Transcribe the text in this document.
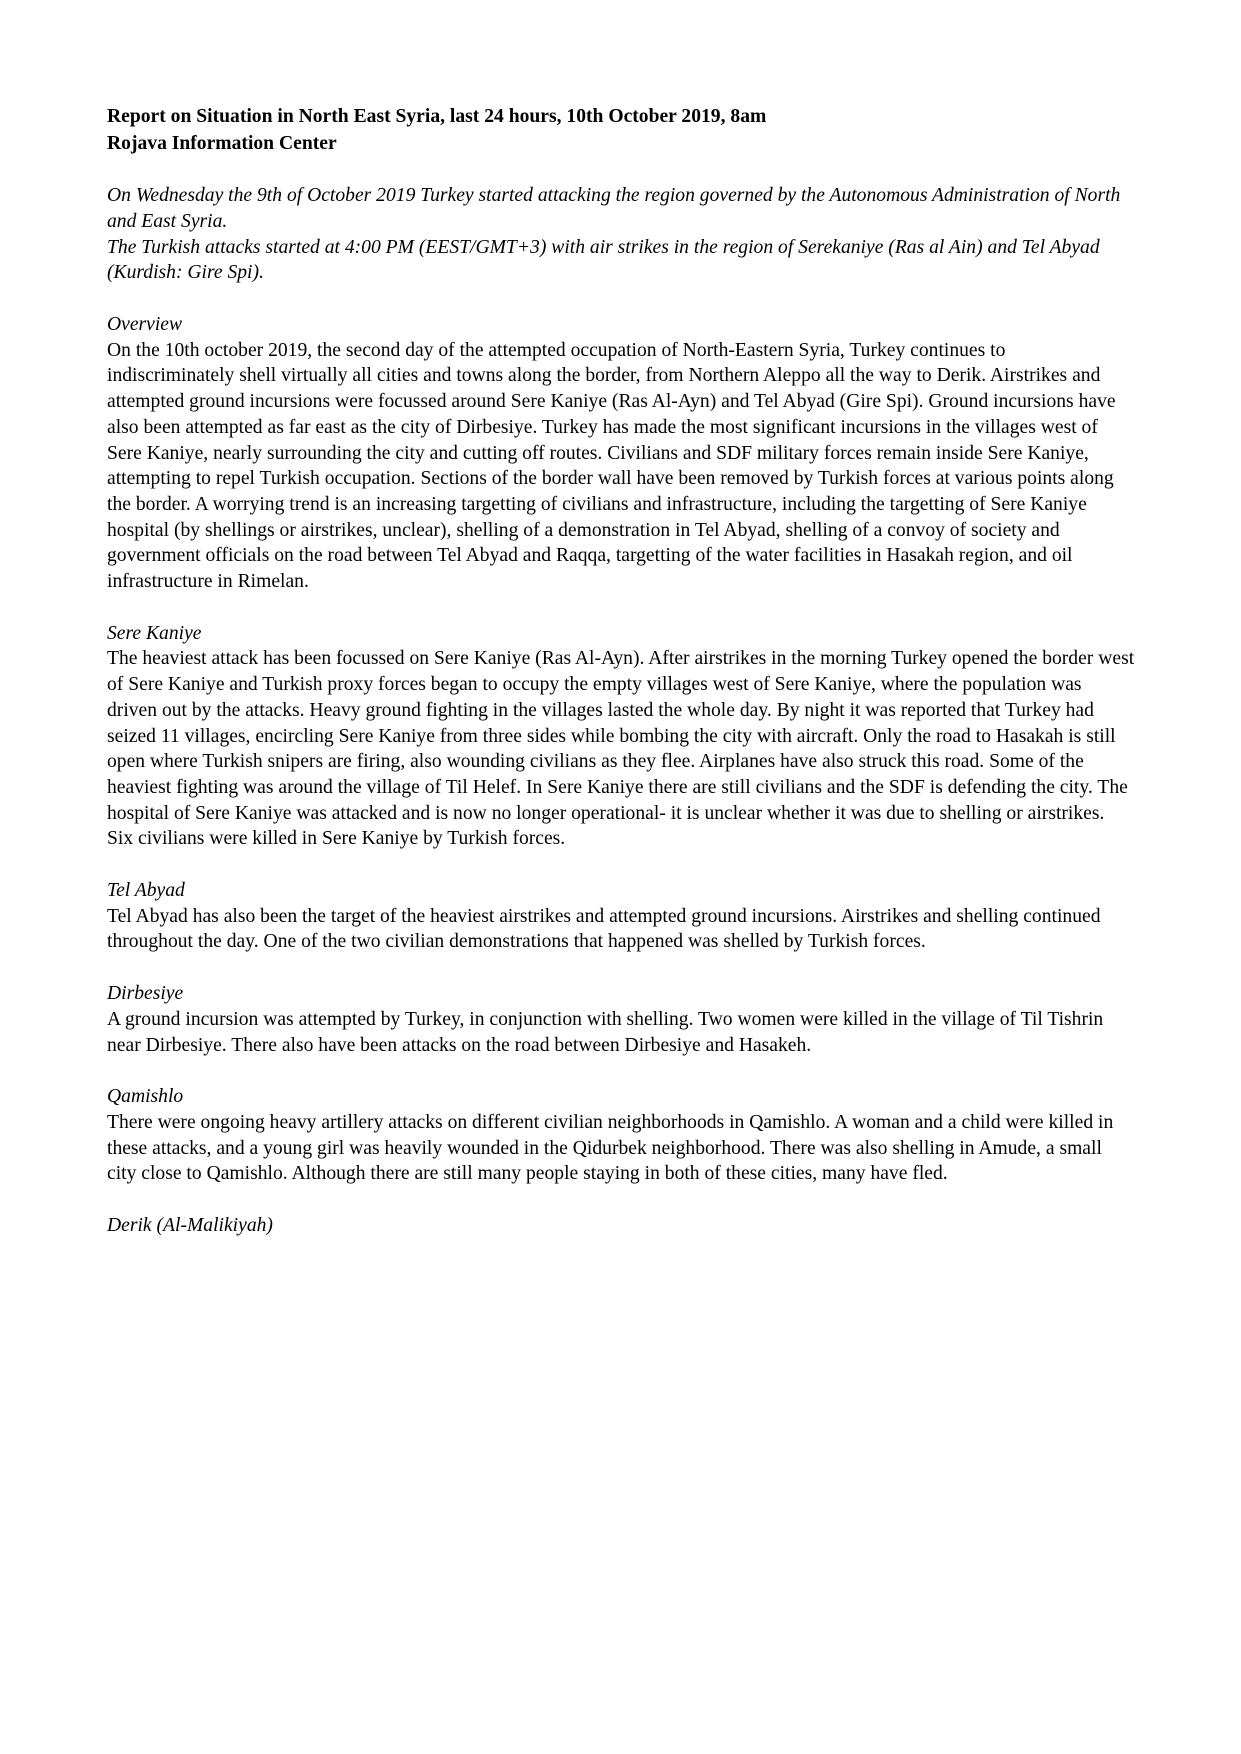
Report on Situation in North East Syria, last 24 hours, 10th October 2019, 8am
Rojava Information Center

On Wednesday the 9th of October 2019 Turkey started attacking the region governed by the Autonomous Administration of North and East Syria.

The Turkish attacks started at 4:00 PM (EEST/GMT+3) with air strikes in the region of Serekaniye (Ras al Ain) and Tel Abyad (Kurdish: Gire Spi).

Overview

On the 10th october 2019, the second day of the attempted occupation of North-Eastern Syria, Turkey continues to indiscriminately shell virtually all cities and towns along the border, from Northern Aleppo all the way to Derik. Airstrikes and attempted ground incursions were focussed around Sere Kaniye (Ras Al-Ayn) and Tel Abyad (Gire Spi). Ground incursions have also been attempted as far east as the city of Dirbesiye. Turkey has made the most significant incursions in the villages west of Sere Kaniye, nearly surrounding the city and cutting off routes. Civilians and SDF military forces remain inside Sere Kaniye, attempting to repel Turkish occupation. Sections of the border wall have been removed by Turkish forces at various points along the border. A worrying trend is an increasing targetting of civilians and infrastructure, including the targetting of Sere Kaniye hospital (by shellings or airstrikes, unclear), shelling of a demonstration in Tel Abyad, shelling of a convoy of society and government officials on the road between Tel Abyad and Raqqa, targetting of the water facilities in Hasakah region, and oil infrastructure in Rimelan.

Sere Kaniye

The heaviest attack has been focussed on Sere Kaniye (Ras Al-Ayn). After airstrikes in the morning Turkey opened the border west of Sere Kaniye and Turkish proxy forces began to occupy the empty villages west of Sere Kaniye, where the population was driven out by the attacks. Heavy ground fighting in the villages lasted the whole day. By night it was reported that Turkey had seized 11 villages, encircling Sere Kaniye from three sides while bombing the city with aircraft. Only the road to Hasakah is still open where Turkish snipers are firing, also wounding civilians as they flee. Airplanes have also struck this road. Some of the heaviest fighting was around the village of Til Helef. In Sere Kaniye there are still civilians and the SDF is defending the city. The hospital of Sere Kaniye was attacked and is now no longer operational- it is unclear whether it was due to shelling or airstrikes. Six civilians were killed in Sere Kaniye by Turkish forces.

Tel Abyad

Tel Abyad has also been the target of the heaviest airstrikes and attempted ground incursions. Airstrikes and shelling continued throughout the day. One of the two civilian demonstrations that happened was shelled by Turkish forces.

Dirbesiye

A ground incursion was attempted by Turkey, in conjunction with shelling. Two women were killed in the village of Til Tishrin near Dirbesiye. There also have been attacks on the road between Dirbesiye and Hasakeh.

Qamishlo

There were ongoing heavy artillery attacks on different civilian neighborhoods in Qamishlo. A woman and a child were killed in these attacks, and a young girl was heavily wounded in the Qidurbek neighborhood. There was also shelling in Amude, a small city close to Qamishlo. Although there are still many people staying in both of these cities, many have fled.

Derik (Al-Malikiyah)
